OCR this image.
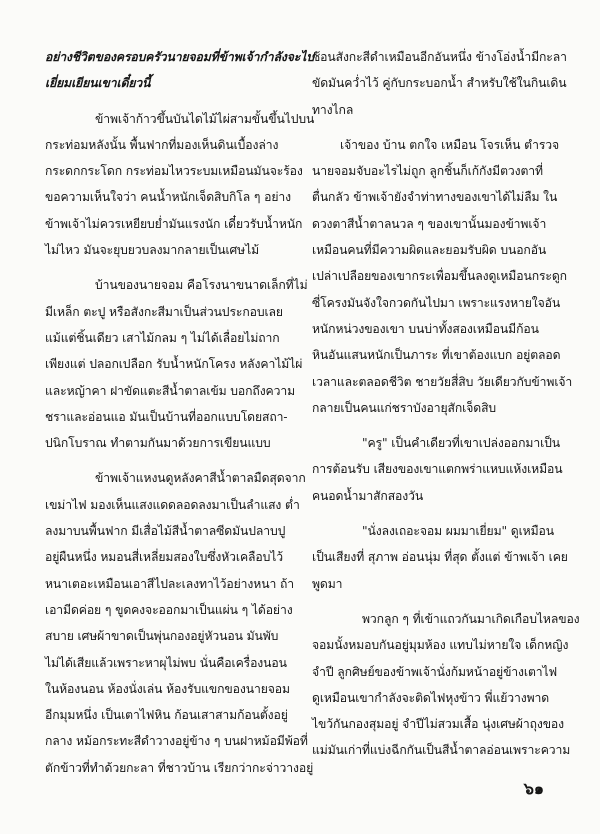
อย่างชีวิตของครอบครัวนายจอมที่ข้าพเจ้ากำลังจะไป
เยี่ยมเยียนเขาเดี๋ยวนี้
ข้าพเจ้าก้าวขึ้นบันไดไม้ไผ่สามขั้นขึ้นไปบน
กระท่อมหลังนั้น พื้นฟากที่มองเห็นดินเบื้องล่าง
กระดกกระโดก กระท่อมไหวระบมเหมือนมันจะร้อง
ขอความเห็นใจว่า คนน้ำหนักเจ็ดสิบกิโล ๆ อย่าง
ข้าพเจ้าไม่ควรเหยียบย่ำมันแรงนัก เดี๋ยวรับน้ำหนัก
ไม่ไหว มันจะยุบยวบลงมากลายเป็นเศษไม้
บ้านของนายจอม คือโรงนาขนาดเล็กที่ไม่
มีเหล็ก ตะปู หรือสังกะสีมาเป็นส่วนประกอบเลย
แม้แต่ชิ้นเดียว เสาไม้กลม ๆ ไม่ได้เลื่อยไม่ถาก
เพียงแต่ ปลอกเปลือก รับน้ำหนักโครง หลังคาไม้ไผ่
และหญ้าคา ฝาขัดแตะสีน้ำตาลเข้ม บอกถึงความ
ชราและอ่อนแอ มันเป็นบ้านที่ออกแบบโดยสถา-
ปนิกโบราณ ทำตามกันมาด้วยการเขียนแบบ
ข้าพเจ้าแหงนดูหลังคาสีน้ำตาลมืดสุดจาก
เขม่าไฟ มองเห็นแสงแดดลอดลงมาเป็นลำแสง ต่ำ
ลงมาบนพื้นฟาก มีเสื่อไม้สีน้ำตาลซีดมันปลาบปู
อยู่ผืนหนึ่ง หมอนสี่เหลี่ยมสองใบซึ่งหัวเคลือบไว้
หนาเตอะเหมือนเอาสีไปละเลงทาไว้อย่างหนา ถ้า
เอามีดค่อย ๆ ขูดคงจะออกมาเป็นแผ่น ๆ ได้อย่าง
สบาย เศษผ้าขาดเป็นพุ่นกองอยู่หัวนอน มันพับ
ไม่ได้เสียแล้วเพราะหาผุไม่พบ นั่นคือเครื่องนอน
ในห้องนอน ห้องนั่งเล่น ห้องรับแขกของนายจอม
อีกมุมหนึ่ง เป็นเตาไฟหิน ก้อนเสาสามก้อนตั้งอยู่
กลาง หม้อกระทะสีดำวางอยู่ข้าง ๆ บนฝาหม้อมีพ้อที่
ตักข้าวที่ทำด้วยกะลา ที่ชาวบ้าน เรียกว่ากะจ่าวางอยู่
ซ้อนสังกะสีดำเหมือนอีกอันหนึ่ง ข้างโอ่งน้ำมีกะลา
ขัดมันคว่ำไว้ คู่กับกระบอกน้ำ สำหรับใช้ในกินเดิน
ทางไกล
เจ้าของ บ้าน ตกใจ เหมือน โจรเห็น ตำรวจ
นายจอมจับอะไรไม่ถูก ลูกชิ้นก็เก้กังมีตวงตาที่
ตื่นกลัว ข้าพเจ้ายังจำท่าทางของเขาได้ไม่ลืม ใน
ดวงตาสีน้ำตาลนวล ๆ ของเขานั้นมองข้าพเจ้า
เหมือนคนที่มีความผิดและยอมรับผิด บนอกอัน
เปล่าเปลือยของเขากระเพื่อมขึ้นลงดูเหมือนกระดูก
ซี่โครงมันจังใจกวดกันไปมา เพราะแรงหายใจอัน
หนักหน่วงของเขา บนบ่าทั้งสองเหมือนมีก้อน
หินอันแสนหนักเป็นภาระ ที่เขาต้องแบก อยู่ตลอด
เวลาและตลอดชีวิต ชายวัยสี่สิบ วัยเดียวกับข้าพเจ้า
กลายเป็นคนแก่ชราบังอายุสักเจ็ดสิบ
"ครู" เป็นคำเดียวที่เขาเปล่งออกมาเป็น
การต้อนรับ เสียงของเขาแตกพร่าแหบแห้งเหมือน
คนอดน้ำมาสักสองวัน
"นั่งลงเถอะจอม ผมมาเยี่ยม" ดูเหมือน
เป็นเสียงที่ สุภาพ อ่อนนุ่ม ที่สุด ตั้งแต่ ข้าพเจ้า เคย
พูดมา
พวกลูก ๆ ที่เข้าแถวกันมาเกิดเกือบไหลของ
จอมนั้งหมอบกันอยู่มุมห้อง แทบไม่หายใจ เด็กหญิง
จำปี ลูกศิษย์ของข้าพเจ้านั่งก้มหน้าอยู่ข้างเตาไฟ
ดูเหมือนเขากำลังจะติดไฟหุงข้าว พี่แย้วางพาด
ไขว้กันกองสุมอยู่ จำปีไม่สวมเสื้อ นุ่งเศษผ้าถุงของ
แม่มันเก่าที่แบ่งฉีกกันเป็นสีน้ำตาลอ่อนเพราะความ
๖๑
